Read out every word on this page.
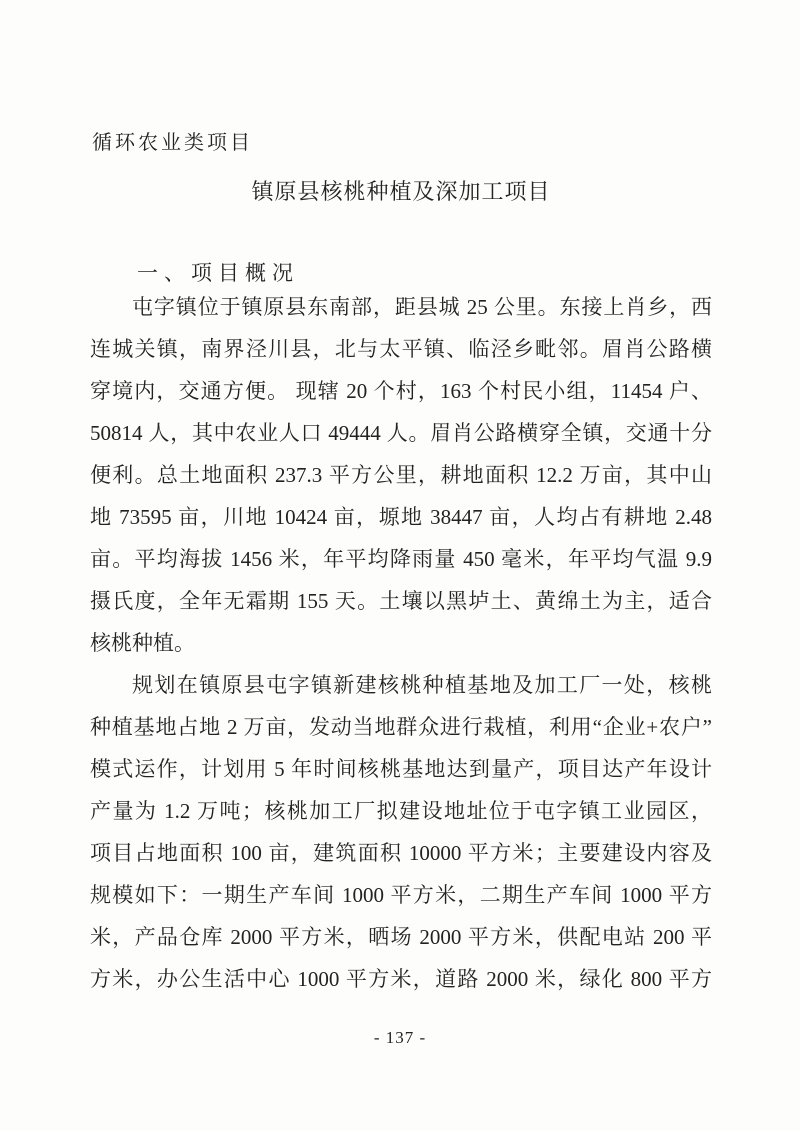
循环农业类项目
镇原县核桃种植及深加工项目
一、项目概况
屯字镇位于镇原县东南部，距县城 25 公里。东接上肖乡，西
连城关镇，南界泾川县，北与太平镇、临泾乡毗邻。眉肖公路横
穿境内，交通方便。 现辖 20 个村，163 个村民小组，11454 户、
50814 人，其中农业人口 49444 人。眉肖公路横穿全镇，交通十分
便利。总土地面积 237.3 平方公里，耕地面积 12.2 万亩，其中山
地 73595 亩，川地 10424 亩，塬地 38447 亩，人均占有耕地 2.48
亩。平均海拔 1456 米，年平均降雨量 450 毫米，年平均气温 9.9
摄氏度，全年无霜期 155 天。土壤以黑垆土、黄绵土为主，适合
核桃种植。
规划在镇原县屯字镇新建核桃种植基地及加工厂一处，核桃
种植基地占地 2 万亩，发动当地群众进行栽植，利用“企业+农户”
模式运作，计划用 5 年时间核桃基地达到量产，项目达产年设计
产量为 1.2 万吨；核桃加工厂拟建设地址位于屯字镇工业园区，
项目占地面积 100 亩，建筑面积 10000 平方米；主要建设内容及
规模如下：一期生产车间 1000 平方米，二期生产车间 1000 平方
米，产品仓库 2000 平方米，晒场 2000 平方米，供配电站 200 平
方米，办公生活中心 1000 平方米，道路 2000 米，绿化 800 平方
- 137 -
